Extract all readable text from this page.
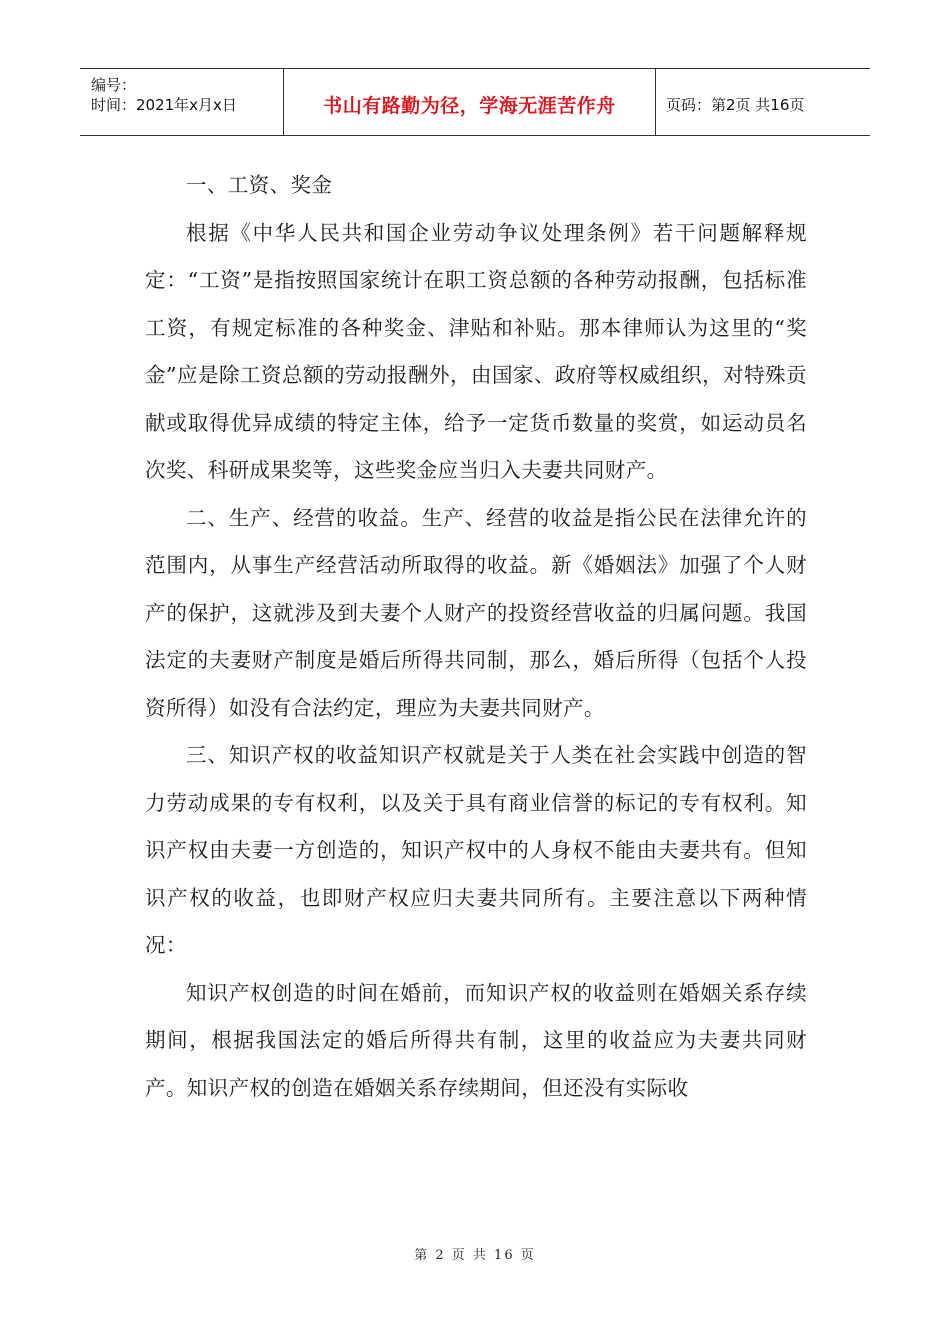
编号：
时间：2021年x月x日	书山有路勤为径，学海无涯苦作舟	页码：第2页 共16页

一、工资、奖金

根据《中华人民共和国企业劳动争议处理条例》若干问题解释规定：“工资”是指按照国家统计在职工资总额的各种劳动报酬，包括标准工资，有规定标准的各种奖金、津贴和补贴。那本律师认为这里的“奖金”应是除工资总额的劳动报酬外，由国家、政府等权威组织，对特殊贡献或取得优异成绩的特定主体，给予一定货币数量的奖赏，如运动员名次奖、科研成果奖等，这些奖金应当归入夫妻共同财产。

二、生产、经营的收益。生产、经营的收益是指公民在法律允许的范围内，从事生产经营活动所取得的收益。新《婚姻法》加强了个人财产的保护，这就涉及到夫妻个人财产的投资经营收益的归属问题。我国法定的夫妻财产制度是婚后所得共同制，那么，婚后所得（包括个人投资所得）如没有合法约定，理应为夫妻共同财产。

三、知识产权的收益知识产权就是关于人类在社会实践中创造的智力劳动成果的专有权利，以及关于具有商业信誉的标记的专有权利。知识产权由夫妻一方创造的，知识产权中的人身权不能由夫妻共有。但知识产权的收益，也即财产权应归夫妻共同所有。主要注意以下两种情况：

知识产权创造的时间在婚前，而知识产权的收益则在婚姻关系存续期间，根据我国法定的婚后所得共有制，这里的收益应为夫妻共同财产。知识产权的创造在婚姻关系存续期间，但还没有实际收

第 2 页 共 16 页
